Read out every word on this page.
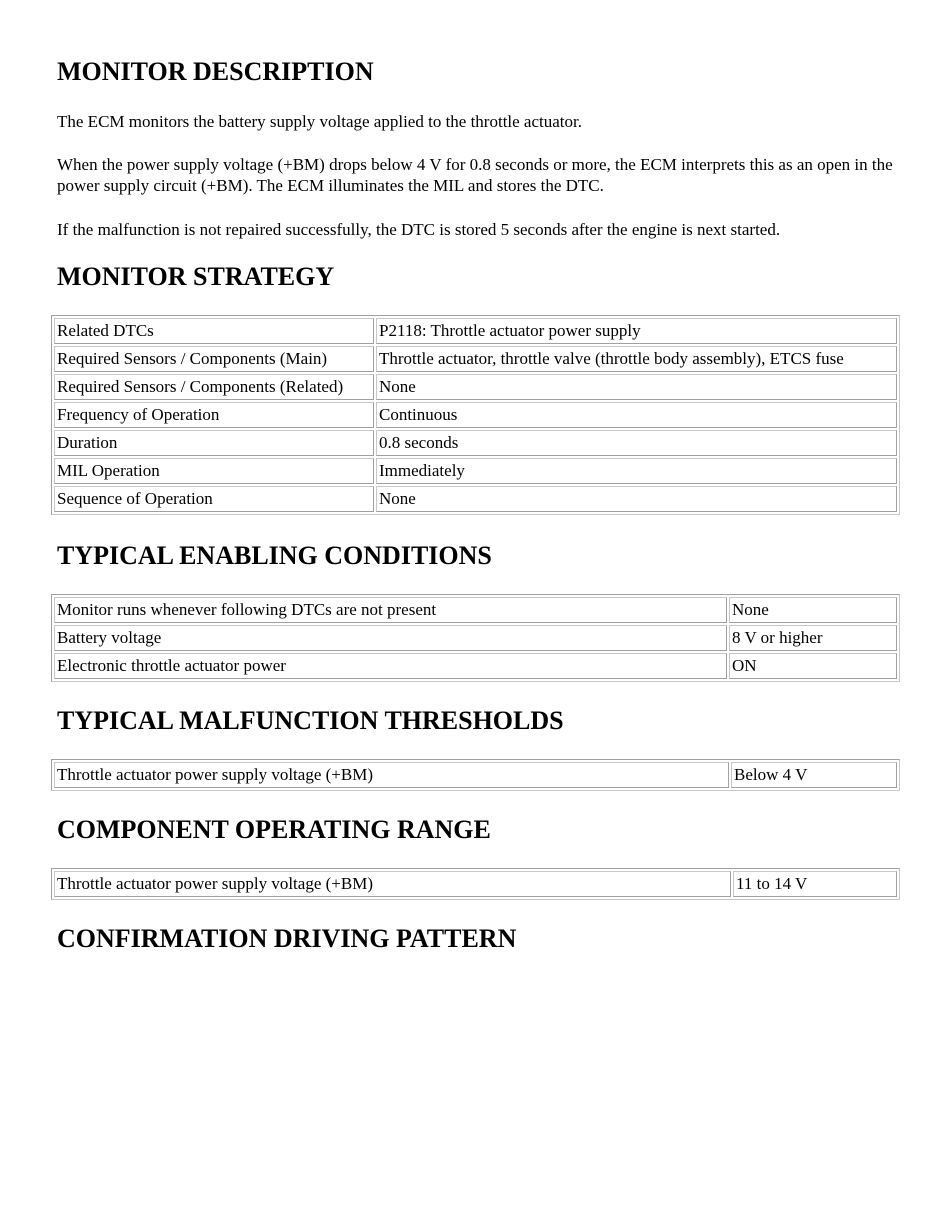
MONITOR DESCRIPTION

The ECM monitors the battery supply voltage applied to the throttle actuator.

When the power supply voltage (+BM) drops below 4 V for 0.8 seconds or more, the ECM interprets this as an open in the power supply circuit (+BM). The ECM illuminates the MIL and stores the DTC.

If the malfunction is not repaired successfully, the DTC is stored 5 seconds after the engine is next started.

MONITOR STRATEGY
Related DTCs	P2118: Throttle actuator power supply
Required Sensors / Components (Main)	Throttle actuator, throttle valve (throttle body assembly), ETCS fuse
Required Sensors / Components (Related)	None
Frequency of Operation	Continuous
Duration	0.8 seconds
MIL Operation	Immediately
Sequence of Operation	None
TYPICAL ENABLING CONDITIONS
Monitor runs whenever following DTCs are not present	None
Battery voltage	8 V or higher
Electronic throttle actuator power	ON
TYPICAL MALFUNCTION THRESHOLDS
Throttle actuator power supply voltage (+BM)	Below 4 V
COMPONENT OPERATING RANGE
Throttle actuator power supply voltage (+BM)	11 to 14 V
CONFIRMATION DRIVING PATTERN
